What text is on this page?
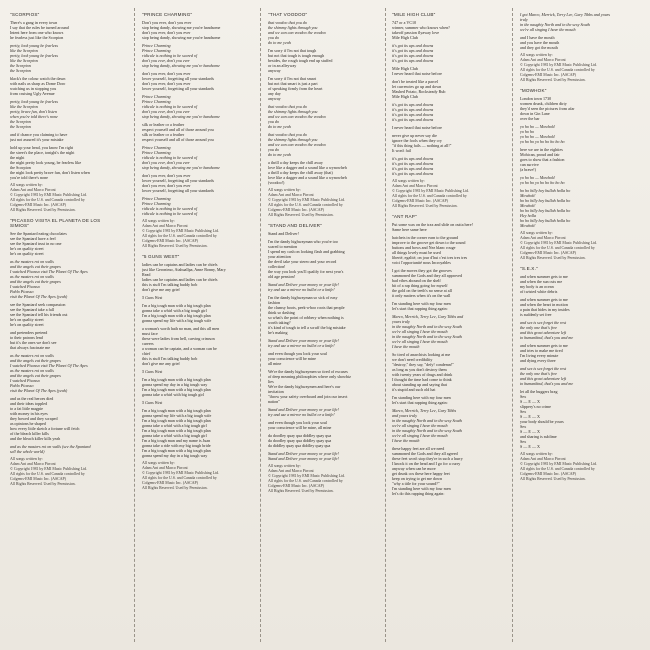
"SCORPIOS"
There's a gang in every town
I say that the rules be turned around
Intent here from one who knows
he fearless just like the Scorpion
pretty, look young be fearless
like the Scorpion
pretty, look young be fearless
like the Scorpion
the Scorpion
the Scorpion
black's the colour watch the dawn
with nails as sharp as Dome Doro
watching us in stopping you
from cruising Ugly Avenue
pretty, look young be fearless
like the Scorpion
pretty, brave fun, don't listen
when you're told there's none
the Scorpion
the Scorpion
and if chance you claiming to have
just not assured it's your mistake
hold up your head, you know I'm right
the street's the place, tonight's the night
the night
the night pretty look young, be fearless like
the Scorpion
the night look pretty brave fun, don't listen when
you're told there's none
All songs written by:
Adam Ant and Marco Pirroni
© Copyright 1981 by EMI Music Publishing Ltd.
All rights for the U.S. and Canada controlled by
Colgems-EMI Music Inc. (ASCAP)
All Rights Reserved. Used by Permission.
"PICASSO VISITA EL PLANETA DE LOS SIMIOS"
See the Spaniard eating chocolates
see the Spaniard have a feel
see the Spaniard trust in no one
he's on quality street
he's on quality street
as the masters rot on walls
and the angels eat their grapes
I watched Picasso visit The Planet Of The Apes
as the masters rot on walls
and the angels eat their grapes
I watched Picasso
Pablo Picasso
visit the Planet Of The Apes (yeah)
see the Spaniard seek compassion
see the Spaniard take a fall
see the Spaniard tell his friends out
he's on quality street
he's on quality street
and pretenders pretend
to their patrons lend
but it's the ones we don't see
that always fascinate me
as the masters rot on walls
and the angels eat their grapes
I watched Picasso visit The Planet Of The Apes
as the masters rot on walls
and the angels eat their grapes
I watched Picasso
Pablo Picasso
visit the Planet Of The Apes (yeah)
and as the real heroes died
and their ideas toppled
to a fat little magpie
with money in his eyes
they bowed and they scraped
as opinions he shaped
how every little sketch a fortune will fetch
of the bleach killer kills
and the bleach killer kills yeah
and as the masters rot on walls (see the Spaniard
sell the whole world)
All songs written by:
Adam Ant and Marco Pirroni
© Copyright 1981 by EMI Music Publishing Ltd.
All rights for the U.S. and Canada controlled by
Colgems-EMI Music Inc. (ASCAP)
All Rights Reserved. Used by Permission.
"PRINCE CHARMING"
Don't you ever, don't you ever
stop being dandy, showing me you're handsome
don't you ever, don't you ever
stop being dandy, showing me you're handsome
Prince Charming
Prince Charming
ridicule is nothing to be scared of
don't you ever, don't you ever
stop being dandy, showing me you're handsome
don't you ever, don't you ever
lower yourself, forgetting all your standards
don't you ever, don't you ever
lower yourself, forgetting all your standards
Prince Charming
Prince Charming
ridicule is nothing to be scared of
don't you ever, don't you ever
stop being dandy, showing me you're handsome
silk or leather or a feather
respect yourself and all of those around you
silk or leather or a feather
respect yourself and all of those around you
Prince Charming
Prince Charming
ridicule is nothing to be scared of
don't you ever, don't you ever
stop being dandy, showing me you're handsome
don't you ever, don't you ever
lower yourself, forgetting all your standards
don't you ever, don't you ever
lower yourself, forgetting all your standards
Prince Charming
Prince Charming
ridicule is nothing to be scared of
ridicule is nothing to be scared of
All songs written by:
Adam Ant and Marco Pirroni
© Copyright 1981 by EMI Music Publishing Ltd.
All rights for the U.S. and Canada controlled by
Colgems-EMI Music Inc. (ASCAP)
All Rights Reserved. Used by Permission.
"5 GUNS WEST"
ladies can be captains and ladies can be chiefs
just like Geronimo, Atahuallpa, Anne Bonny, Mary
Read
ladies can be captains and ladies can be chiefs
this is stuff I'm talking buddy bob
don't give me any grief
5 Guns West
I'm a big tough man with a big tough plan
gonna take a whirl with a big tough girl
I'm a big tough man with a big tough plan
gonna spend my life with a big tough wife
a woman's worth hath no man, and this all men
must face
these were ladies from hell, carving crimson
careers
a woman can be captain, and a woman can be
chief
this is stuff I'm talking buddy bob
don't give me any grief
5 Guns West
I'm a big tough man with a big tough plan
gonna spend my day in a big tough way
I'm a big tough man with a big tough plan
gonna take a whirl with big tough girl
5 Guns West
I'm a big tough man with a big tough plan
gonna spend my life with a big tough wife
I'm a big tough man with a big tough plan
gonna take a whirl with a big tough girl
I'm a big tough man with a big tough plan
gonna take a whirl with a big tough girl
I'm a big tough man and my name is Juan
gonna take a ride with my big tough bride
I'm a big tough man with a big tough plan
gonna spend my day in a big tough way
All songs written by:
Adam Ant and Marco Pirroni
© Copyright 1981 by EMI Music Publishing Ltd.
All rights for the U.S. and Canada controlled by
Colgems-EMI Music Inc. (ASCAP)
All Rights Reserved. Used by Permission.
"THAT VOODOO"
that voodoo that you do
the shimmy lights through you
and we can can voodoo the voodoo
you do
do to me yeah
I'm sorry if I'm not that tough
but not that tough is tough enough
besides, the rough tough end up stuffed
or in an alleyway
anyway
I'm sorry if I'm not that smart
but not that smart is just a part
of speaking firmly from the heart
any day
anyway
that voodoo that you do
the shimmy lights through you
and we can can voodoo the voodoo
you do
do to me yeah
that voodoo that you do
the shimmy lights through you
and we can can voodoo the voodoo
you do
do to me yeah
a thrill a day keeps the chill away
love like a dagger and a sound like a wynowheh
a thrill a day keeps the chill away (that)
love like a dagger and a sound like a wynowheh
(voodoo!)
All songs written by:
Adam Ant and Marco Pirroni
© Copyright 1981 by EMI Music Publishing Ltd.
All rights for the U.S. and Canada controlled by
Colgems-EMI Music Inc. (ASCAP)
All Rights Reserved. Used by Permission.
"STAND AND DELIVER"
Stand and Deliver!
I'm the dandy highwayman who you're too
scared to mention
I spend my cash on looking flash and grabbing
your attention
the devil take your stereo and your record
collection!
the way you look you'll qualify for next year's
old age pension!
Stand and Deliver your money or your life!
try and use a mirror no bullet or a knife!
I'm the dandy highwayman so sick of easy
fashion
the clumsy boots, peek-a-boo roots that people
think so dashing
so what's the point of robbery when nothing is
worth taking?
it's kind of tough to tell a scruff the big mistake
he's making
Stand and Deliver your money or your life!
try and use a mirror no bullet or a knife!
and even though you look your soul
your conscience will be mine
all mine
We're the dandy highwaymen so tired of excuses
of deep meaning philosophies where only showbiz
lies
We're the dandy highwaymen and here's our
invitation
"throw your safety overboard and join our insect
nation"
Stand and Deliver your money or your life!
try and use a mirror no bullet or a knife!
and even though you look your soul
your conscience will be mine, all mine
da doodley quay qua diddley quay qua
da doodley quay qua diddley quay qua
da diddley quay qua diddley quay qua
Stand and Deliver your money or your life!
Stand and Deliver your money or your life!
All songs written by:
Adam Ant and Marco Pirroni
© Copyright 1981 by EMI Music Publishing Ltd.
All rights for the U.S. and Canada controlled by
Colgems-EMI Music Inc. (ASCAP)
All Rights Reserved. Used by Permission.
"MILE HIGH CLUB"
747 or a VC10
winner, summer who knows when?
takeoff passion flyaway love
Mile High Club
it's got its ups and downs
it's got its ups and downs
it's got its ups and downs
it's got its ups and downs
Mile High Club
I never heard that noise before
don't be treated like a parcel
let currencies go up and down
Mashed Potato, Rocksteady Rub
Mile High Club
it's got its ups and downs
it's got its ups and downs
it's got its ups and downs
it's got its ups and downs
I never heard that noise before
never give up never say die
ignore the fools when they cry
"if this thing fails — nothing at all!"
It won't fail
it's got its ups and downs
it's got its ups and downs
it's got its ups and downs
it's got its ups and downs
All songs written by:
Adam Ant and Marco Pirroni
© Copyright 1981 by EMI Music Publishing Ltd.
All rights for the U.S. and Canada controlled by
Colgems-EMI Music Inc. (ASCAP)
All Rights Reserved. Used by Permission.
"ANT RAP"
Put some wax on the trax and slide on outta here!
Same here same here
hatchets in the corner earn to the ground
improve to the groove get down to the sound
buttons and bows and Nez blanc rouge
all things lovely must be used
liberté, egalité, on jour d'hui c'est tres tres tres
voici l'opportunité nous Incroyables
I got the moves they got the grooves
summoned the Gods and they all approved
bad vibes abound on the shelf
bit of a rap thing going for myself
the gold on the teeth's no sense at all
it only matters when it's on the wall
I'm standing here with my four men
let's start that rapping thing again:
Marco, Merrick, Terry Lee, Gary Tibbs and
yours truly
in the naughty North and in the sexy South
we're all singing I have the mouth
in the naughty North and in the sexy South
we're all singing I have the mouth
I have the mouth
So tired of anarchists looking at me
we don't need credibility
"destroy," they say, "defy! condemn!"
as long as you don't destroy them
with twenty years of drugs and drink
I thought the time had come to think
about standing up and saying that
it's stupid and such old hat
I'm standing here with my four men
let's start that rapping thing again:
Marco, Merrick, Terry Lee, Gary Tibbs
and yours truly
in the naughty North and in the sexy South
we're all singing I have the mouth
in the naughty North and in the sexy South
we're all singing I have the mouth
I have the mouth
these happy feet are all we need
summoned the Gods and they all agreed
these feet won't stop they're in such a hurry
I knock it on the head and I go for a curry
anyway when can be more
get drunk cos these here happy feet
keep on trying to get me down
"why a title for your sound?"
I'm standing here with my four men
let's do this rapping thing again:
I got Marco, Merrick, Terry Lee, Gary Tibbs and yours
truly
in the naughty North and in the sexy South
we're all singing I have the mouth
and I have the mouth
and you have the mouth
and they got the mouth
All songs written by:
Adam Ant and Marco Pirroni
© Copyright 1981 by EMI Music Publishing Ltd.
All rights for the U.S. and Canada controlled by
Colgems-EMI Music Inc. (ASCAP)
All Rights Reserved. Used by Permission.
"MOWHOK"
London town 1730
women drunk, children dirty
they'd seen the pictures from afar
down in Gin Lane
over the bar
yo ho ho — Mowhok!
yo ho ho
yo ho ho — Mowhok!
yo ho ho yo ho ho ho ho ho
here we are in the eighties
Mohican, proud and fair
goes to show that a fashion
can survive
(a brave!)
yo ho ho — Mowhok!
yo ho ho yo ho ho ho ho ho
ho ho billy hey bullah holla ho
Mowhok!
ho ho billy hey bullah holla ho
Mowhok!
ho ho billy hey bullah holla ho
Hey holla
ho ho billy hey bullah holla ho
Mowhok!
All songs written by:
Adam Ant and Marco Pirroni
© Copyright 1981 by EMI Music Publishing Ltd.
All rights for the U.S. and Canada controlled by
Colgems-EMI Music Inc. (ASCAP)
All Rights Reserved. Used by Permission.
"S.E.X."
and when summer gets to me
and when the sun cuts me
my body is an ocean
of twisted white debris
and when summer gets to me
and when the heart in motion
a pain that hides in my insides
is suddenly set free
and sex is sex forget the rest
the only one that's free
and this great adventure left
to humankind, that's you and me
and when summer gets to me
and tries to make me tired
I'm living every minute
and dying every three
and sex is sex forget the rest
the only one that's free
and this great adventure left
to humankind, that's you and me
let all the buggers brag
Sex
S — E — X
slippery's no crime
Sex
S — E — X
your body should be yours
Sex
S — E — X
and sharing is sublime
Sex
S — E — X
All songs written by:
Adam Ant and Marco Pirroni
© Copyright 1981 by EMI Music Publishing Ltd.
All rights for the U.S. and Canada controlled by
Colgems-EMI Music Inc. (ASCAP)
All Rights Reserved. Used by Permission.
